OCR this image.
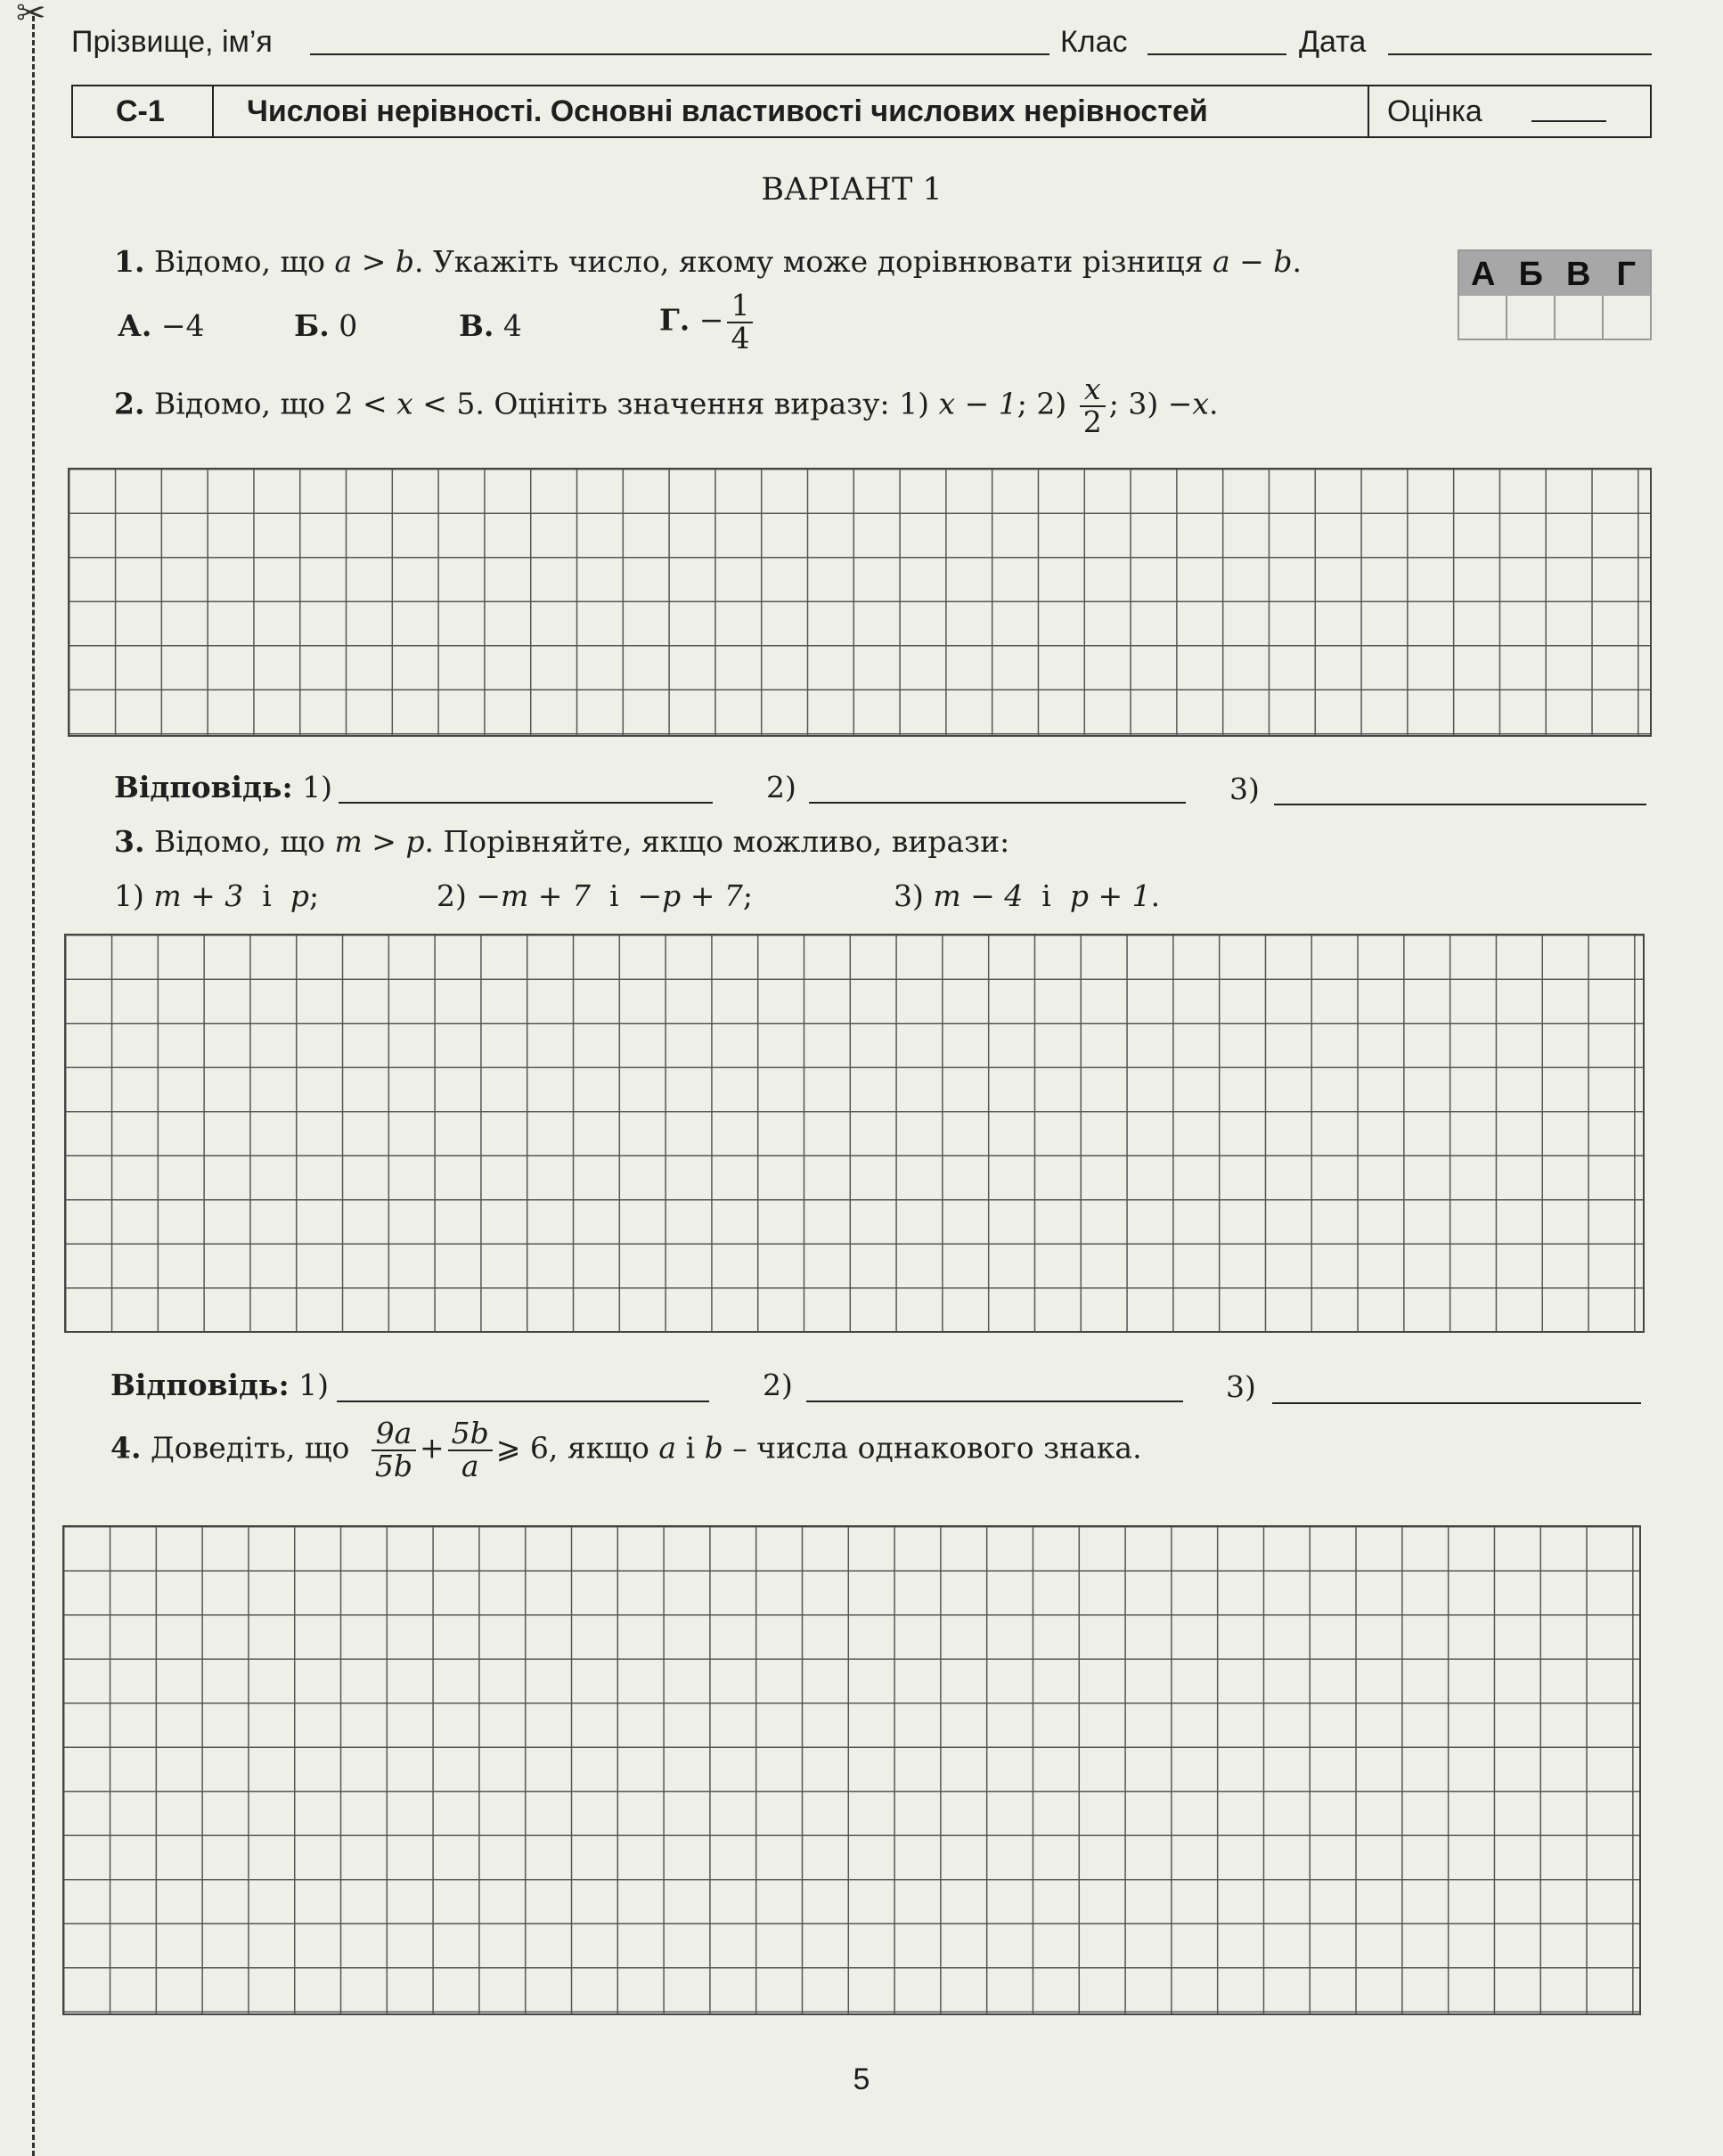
✂
Прізвище, ім’я	Клас	Дата
С-1	Числові нерівності. Основні властивості числових нерівностей	Оцінка
ВАРІАНТ 1
А Б В Г
1. Відомо, що a > b. Укажіть число, якому може дорівнювати різниця a − b.
А. −4	Б. 0	В. 4	Г. − $\frac{1}{4}$
2. Відомо, що 2 < x < 5. Оцініть значення виразу: 1) x − 1; $2) \frac{x}{2}$ ; 3) −x.
Відповідь: 1)	2)	3)
3. Відомо, що m > p. Порівняйте, якщо можливо, вирази:
1) m + 3 і p;	2) −m + 7 і −p + 7;	3) m − 4 і p + 1.
Відповідь: 1)	2)	3)
4. Доведіть, що $\frac{9a}{5b} + \frac{5b}{a}$ ⩾ 6, якщо a і b – числа однакового знака.
5
